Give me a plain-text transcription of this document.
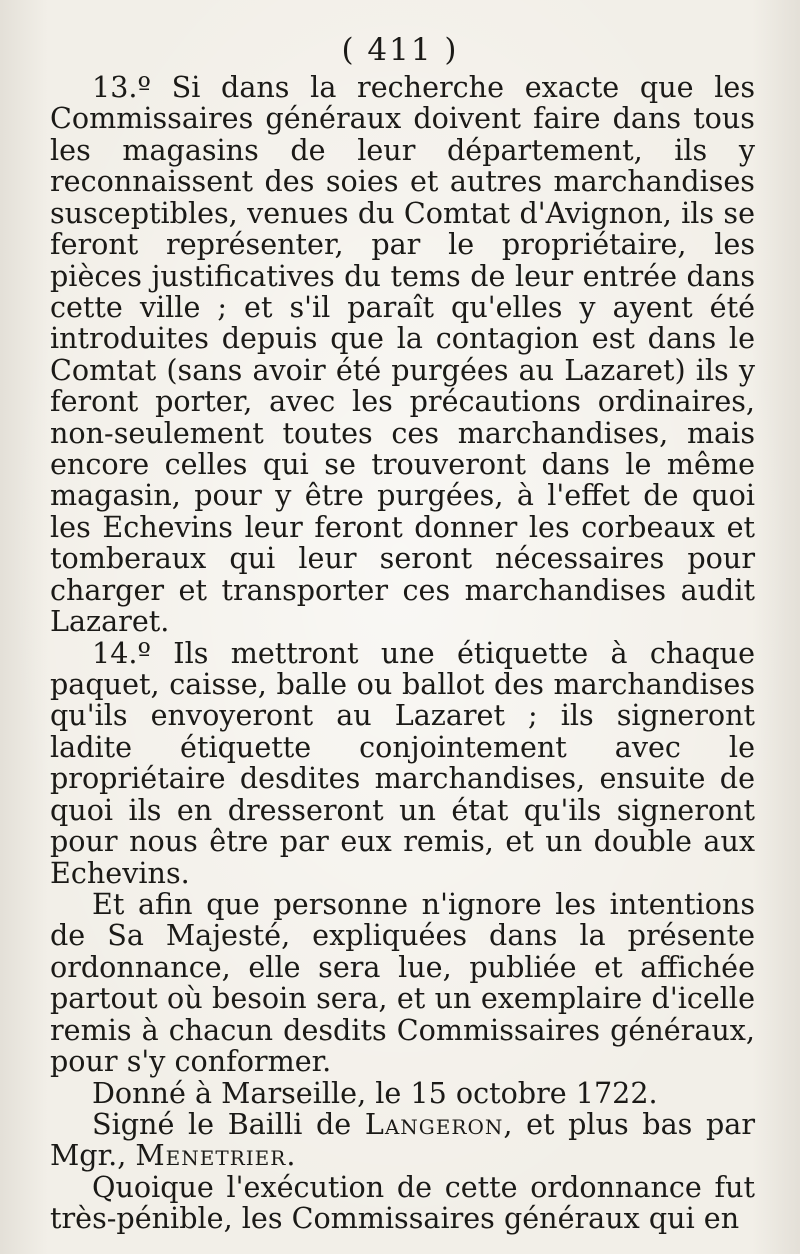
( 411 )

13.º Si dans la recherche exacte que les Commissaires généraux doivent faire dans tous les magasins de leur département, ils y reconnaissent des soies et autres marchandises susceptibles, venues du Comtat d'Avignon, ils se feront représenter, par le propriétaire, les pièces justificatives du tems de leur entrée dans cette ville ; et s'il paraît qu'elles y ayent été introduites depuis que la contagion est dans le Comtat (sans avoir été purgées au Lazaret) ils y feront porter, avec les précautions ordinaires, non-seulement toutes ces marchandises, mais encore celles qui se trouveront dans le même magasin, pour y être purgées, à l'effet de quoi les Echevins leur feront donner les corbeaux et tomberaux qui leur seront nécessaires pour charger et transporter ces marchandises audit Lazaret.

14.º Ils mettront une étiquette à chaque paquet, caisse, balle ou ballot des marchandises qu'ils envoyeront au Lazaret ; ils signeront ladite étiquette conjointement avec le propriétaire desdites marchandises, ensuite de quoi ils en dresseront un état qu'ils signeront pour nous être par eux remis, et un double aux Echevins.

Et afin que personne n'ignore les intentions de Sa Majesté, expliquées dans la présente ordonnance, elle sera lue, publiée et affichée partout où besoin sera, et un exemplaire d'icelle remis à chacun desdits Commissaires généraux, pour s'y conformer.

Donné à Marseille, le 15 octobre 1722.

Signé le Bailli de Langeron, et plus bas par Mgr., Menetrier.

Quoique l'exécution de cette ordonnance fut très-pénible, les Commissaires généraux qui en
